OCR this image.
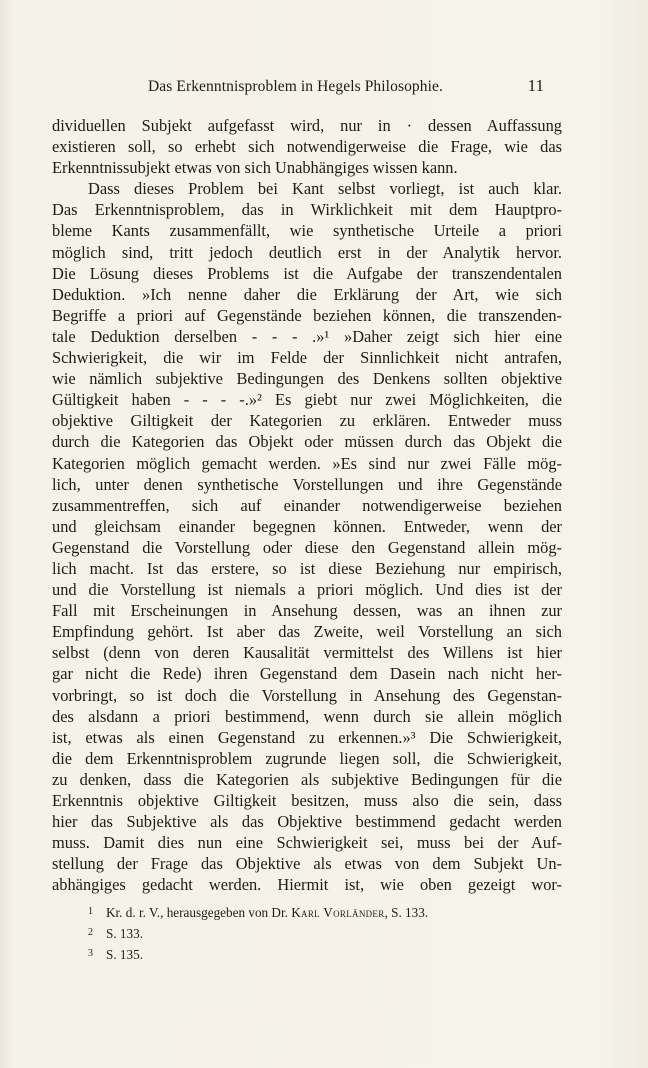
Das Erkenntnisproblem in Hegels Philosophie.	11
dividuellen Subjekt aufgefasst wird, nur in · dessen Auffassung
existieren soll, so erhebt sich notwendigerweise die Frage, wie das
Erkenntnissubjekt etwas von sich Unabhängiges wissen kann.
Dass dieses Problem bei Kant selbst vorliegt, ist auch klar.
Das Erkenntnisproblem, das in Wirklichkeit mit dem Hauptpro-
bleme Kants zusammenfällt, wie synthetische Urteile a priori
möglich sind, tritt jedoch deutlich erst in der Analytik hervor.
Die Lösung dieses Problems ist die Aufgabe der transzendentalen
Deduktion. »Ich nenne daher die Erklärung der Art, wie sich
Begriffe a priori auf Gegenstände beziehen können, die transzenden-
tale Deduktion derselben - - - .»¹ »Daher zeigt sich hier eine
Schwierigkeit, die wir im Felde der Sinnlichkeit nicht antrafen,
wie nämlich subjektive Bedingungen des Denkens sollten objektive
Gültigkeit haben - - - -.»² Es giebt nur zwei Möglichkeiten, die
objektive Giltigkeit der Kategorien zu erklären. Entweder muss
durch die Kategorien das Objekt oder müssen durch das Objekt die
Kategorien möglich gemacht werden. »Es sind nur zwei Fälle mög-
lich, unter denen synthetische Vorstellungen und ihre Gegenstände
zusammentreffen, sich auf einander notwendigerweise beziehen
und gleichsam einander begegnen können. Entweder, wenn der
Gegenstand die Vorstellung oder diese den Gegenstand allein mög-
lich macht. Ist das erstere, so ist diese Beziehung nur empirisch,
und die Vorstellung ist niemals a priori möglich. Und dies ist der
Fall mit Erscheinungen in Ansehung dessen, was an ihnen zur
Empfindung gehört. Ist aber das Zweite, weil Vorstellung an sich
selbst (denn von deren Kausalität vermittelst des Willens ist hier
gar nicht die Rede) ihren Gegenstand dem Dasein nach nicht her-
vorbringt, so ist doch die Vorstellung in Ansehung des Gegenstan-
des alsdann a priori bestimmend, wenn durch sie allein möglich
ist, etwas als einen Gegenstand zu erkennen.»³ Die Schwierigkeit,
die dem Erkenntnisproblem zugrunde liegen soll, die Schwierigkeit,
zu denken, dass die Kategorien als subjektive Bedingungen für die
Erkenntnis objektive Giltigkeit besitzen, muss also die sein, dass
hier das Subjektive als das Objektive bestimmend gedacht werden
muss. Damit dies nun eine Schwierigkeit sei, muss bei der Auf-
stellung der Frage das Objektive als etwas von dem Subjekt Un-
abhängiges gedacht werden. Hiermit ist, wie oben gezeigt wor-
1 Kr. d. r. V., herausgegeben von Dr. Karl Vorländer, S. 133.
2 S. 133.
3 S. 135.
